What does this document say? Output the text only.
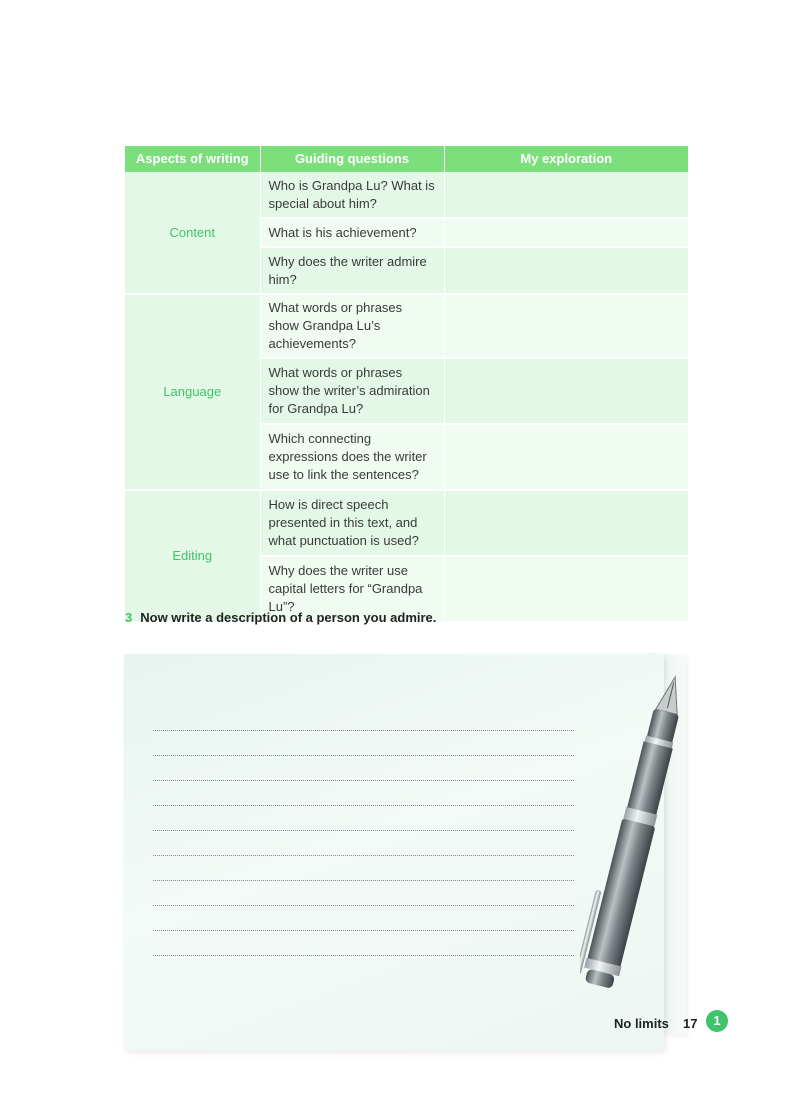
Aspects of writing	Guiding questions	My exploration
Content	Who is Grandpa Lu? What is special about him?	
	What is his achievement?	
	Why does the writer admire him?	
Language	What words or phrases show Grandpa Lu’s achievements?	
	What words or phrases show the writer’s admiration for Grandpa Lu?	
	Which connecting expressions does the writer use to link the sentences?	
Editing	How is direct speech presented in this text, and what punctuation is used?	
	Why does the writer use capital letters for “Grandpa Lu”?	
3 Now write a description of a person you admire.
No limits 17	1
